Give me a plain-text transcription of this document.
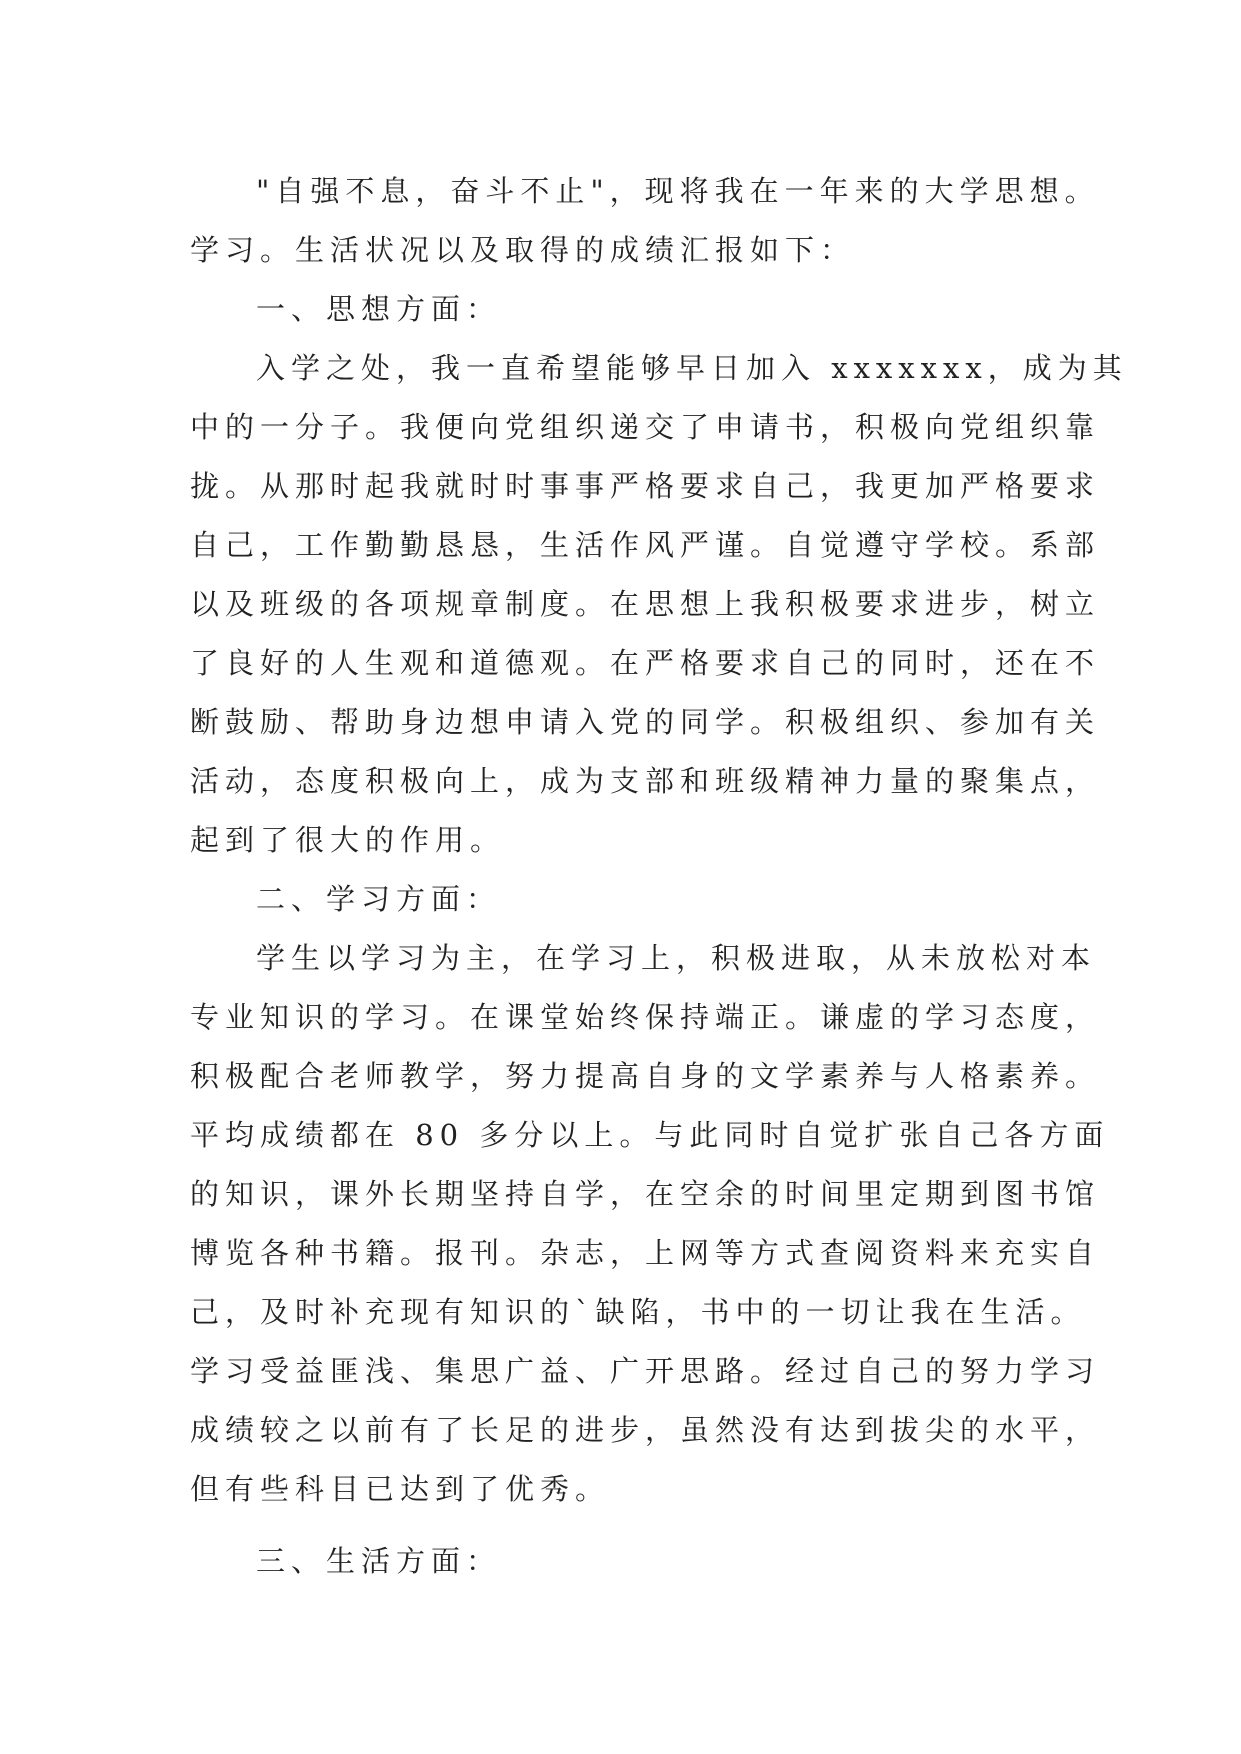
"自强不息，奋斗不止"，现将我在一年来的大学思想。
学习。生活状况以及取得的成绩汇报如下：
一、思想方面：
入学之处，我一直希望能够早日加入 xxxxxxx，成为其
中的一分子。我便向党组织递交了申请书，积极向党组织靠
拢。从那时起我就时时事事严格要求自己，我更加严格要求
自己，工作勤勤恳恳，生活作风严谨。自觉遵守学校。系部
以及班级的各项规章制度。在思想上我积极要求进步，树立
了良好的人生观和道德观。在严格要求自己的同时，还在不
断鼓励、帮助身边想申请入党的同学。积极组织、参加有关
活动，态度积极向上，成为支部和班级精神力量的聚集点，
起到了很大的作用。
二、学习方面：
学生以学习为主，在学习上，积极进取，从未放松对本
专业知识的学习。在课堂始终保持端正。谦虚的学习态度，
积极配合老师教学，努力提高自身的文学素养与人格素养。
平均成绩都在 80 多分以上。与此同时自觉扩张自己各方面
的知识，课外长期坚持自学，在空余的时间里定期到图书馆
博览各种书籍。报刊。杂志，上网等方式查阅资料来充实自
己，及时补充现有知识的`缺陷，书中的一切让我在生活。
学习受益匪浅、集思广益、广开思路。经过自己的努力学习
成绩较之以前有了长足的进步，虽然没有达到拔尖的水平，
但有些科目已达到了优秀。
三、生活方面：
